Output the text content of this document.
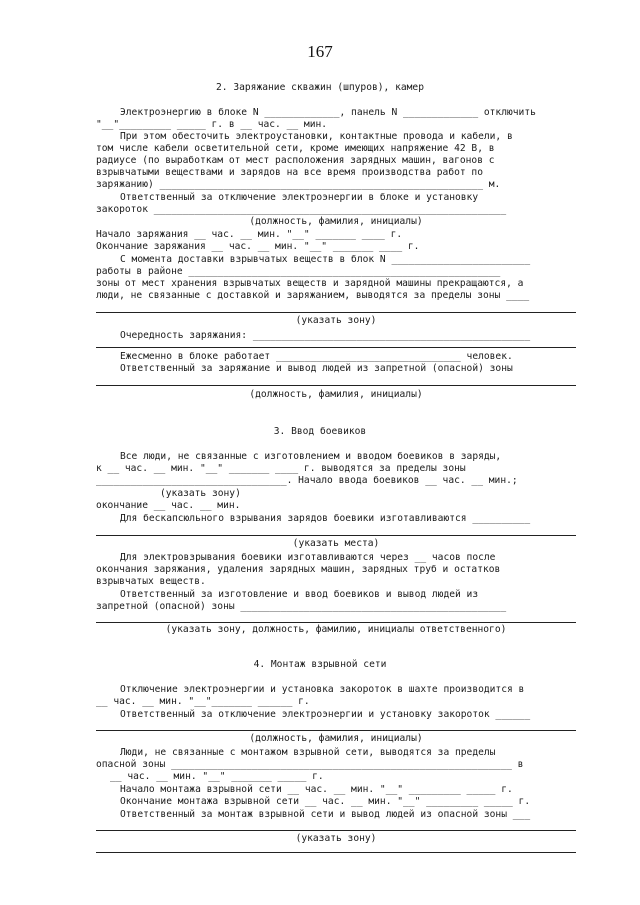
167
2. Заряжание скважин (шпуров), камер
Электроэнергию в блоке N _____________, панель N _____________ отключить
"__"_________ _____ г. в __ час. __ мин.
При этом обесточить электроустановки, контактные провода и кабели, в
том числе кабели осветительной сети, кроме имеющих напряжение 42 В, в
радиусе (по выработкам от мест расположения зарядных машин, вагонов с
взрывчатыми веществами и зарядов на все время производства работ по
заряжанию) ________________________________________________________ м.
Ответственный за отключение электроэнергии в блоке и установку
закороток _____________________________________________________________
(должность, фамилия, инициалы)
Начало заряжания __ час. __ мин. "__" _______ ____ г.
Окончание заряжания __ час. __ мин. "__" _______ ____ г.
С момента доставки взрывчатых веществ в блок N ________________________
работы в районе ______________________________________________________
зоны от мест хранения взрывчатых веществ и зарядной машины прекращаются, а
люди, не связанные с доставкой и заряжанием, выводятся за пределы зоны ____
(указать зону)
Очередность заряжания: ________________________________________________
Ежесменно в блоке работает ________________________________ человек.
Ответственный за заряжание и вывод людей из запретной (опасной) зоны
(должность, фамилия, инициалы)
3. Ввод боевиков
Все люди, не связанные с изготовлением и вводом боевиков в заряды,
к __ час. __ мин. "__" _______ ____ г. выводятся за пределы зоны
_________________________________. Начало ввода боевиков __ час. __ мин.;
(указать зону)
окончание __ час. __ мин.
Для бескапсюльного взрывания зарядов боевики изготавливаются __________
(указать места)
Для электровзрывания боевики изготавливаются через __ часов после
окончания заряжания, удаления зарядных машин, зарядных труб и остатков
взрывчатых веществ.
Ответственный за изготовление и ввод боевиков и вывод людей из
запретной (опасной) зоны ______________________________________________
(указать зону, должность, фамилию, инициалы ответственного)
4. Монтаж взрывной сети
Отключение электроэнергии и установка закороток в шахте производится в
__ час. __ мин. "__"_______ ______ г.
Ответственный за отключение электроэнергии и установку закороток ______
(должность, фамилия, инициалы)
Люди, не связанные с монтажом взрывной сети, выводятся за пределы
опасной зоны ___________________________________________________________ в
__ час. __ мин. "__" _______ _____ г.
Начало монтажа взрывной сети __ час. __ мин. "__" _________ _____ г.
Окончание монтажа взрывной сети __ час. __ мин. "__" _________ _____ г.
Ответственный за монтаж взрывной сети и вывод людей из опасной зоны ___
(указать зону)
